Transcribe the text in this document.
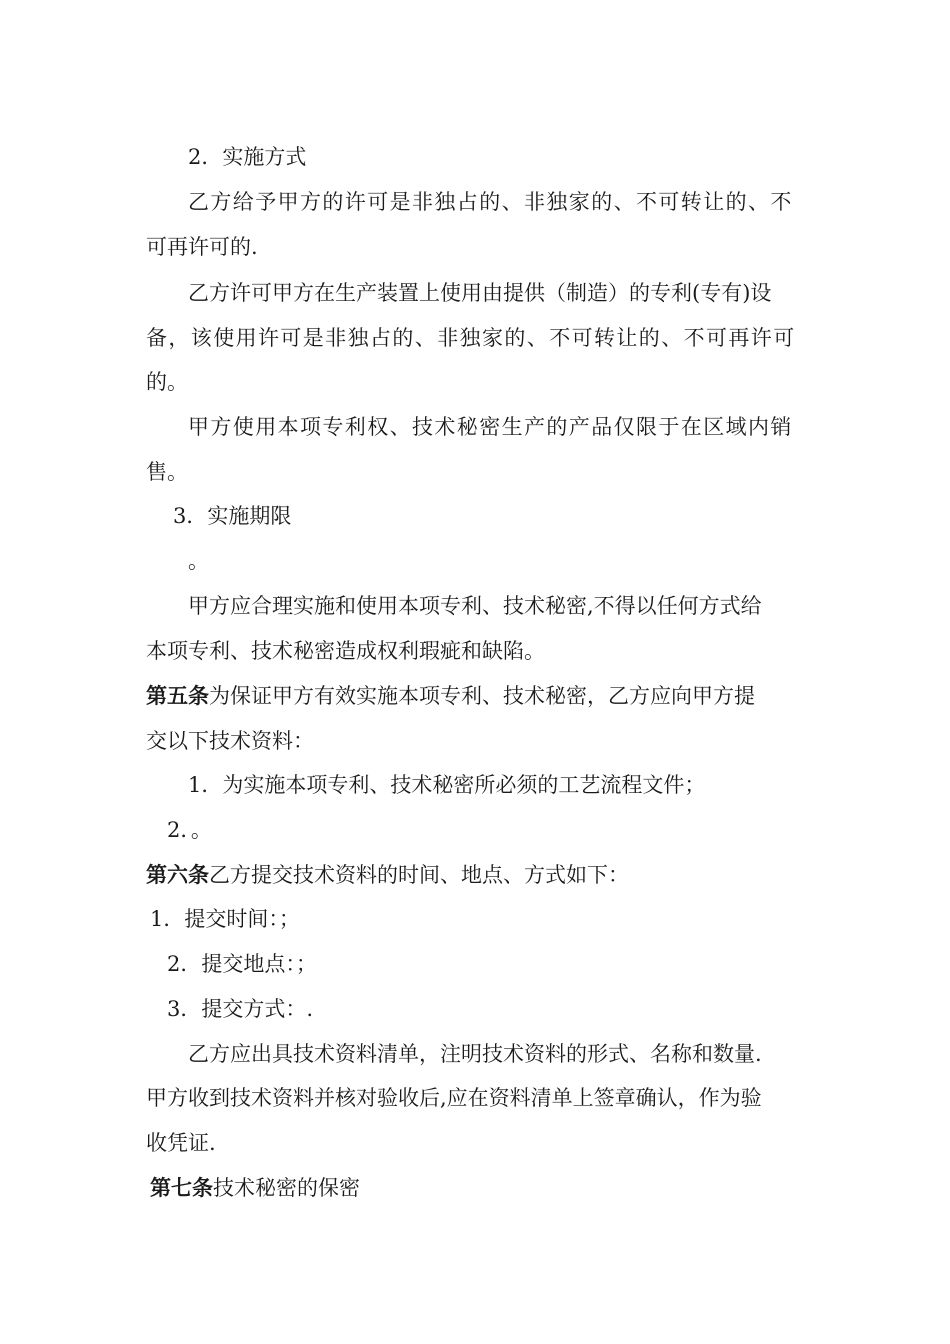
2．实施方式
乙方给予甲方的许可是非独占的、非独家的、不可转让的、不
可再许可的.
乙方许可甲方在生产装置上使用由提供（制造）的专利(专有)设
备，该使用许可是非独占的、非独家的、不可转让的、不可再许可
的。
甲方使用本项专利权、技术秘密生产的产品仅限于在区域内销
售。
3．实施期限
。
甲方应合理实施和使用本项专利、技术秘密,不得以任何方式给
本项专利、技术秘密造成权利瑕疵和缺陷。
第五条为保证甲方有效实施本项专利、技术秘密，乙方应向甲方提
交以下技术资料：
1．为实施本项专利、技术秘密所必须的工艺流程文件；
2．。
第六条乙方提交技术资料的时间、地点、方式如下：
1．提交时间：；
2．提交地点：；
3．提交方式：.
乙方应出具技术资料清单，注明技术资料的形式、名称和数量.
甲方收到技术资料并核对验收后,应在资料清单上签章确认，作为验
收凭证.
第七条技术秘密的保密
